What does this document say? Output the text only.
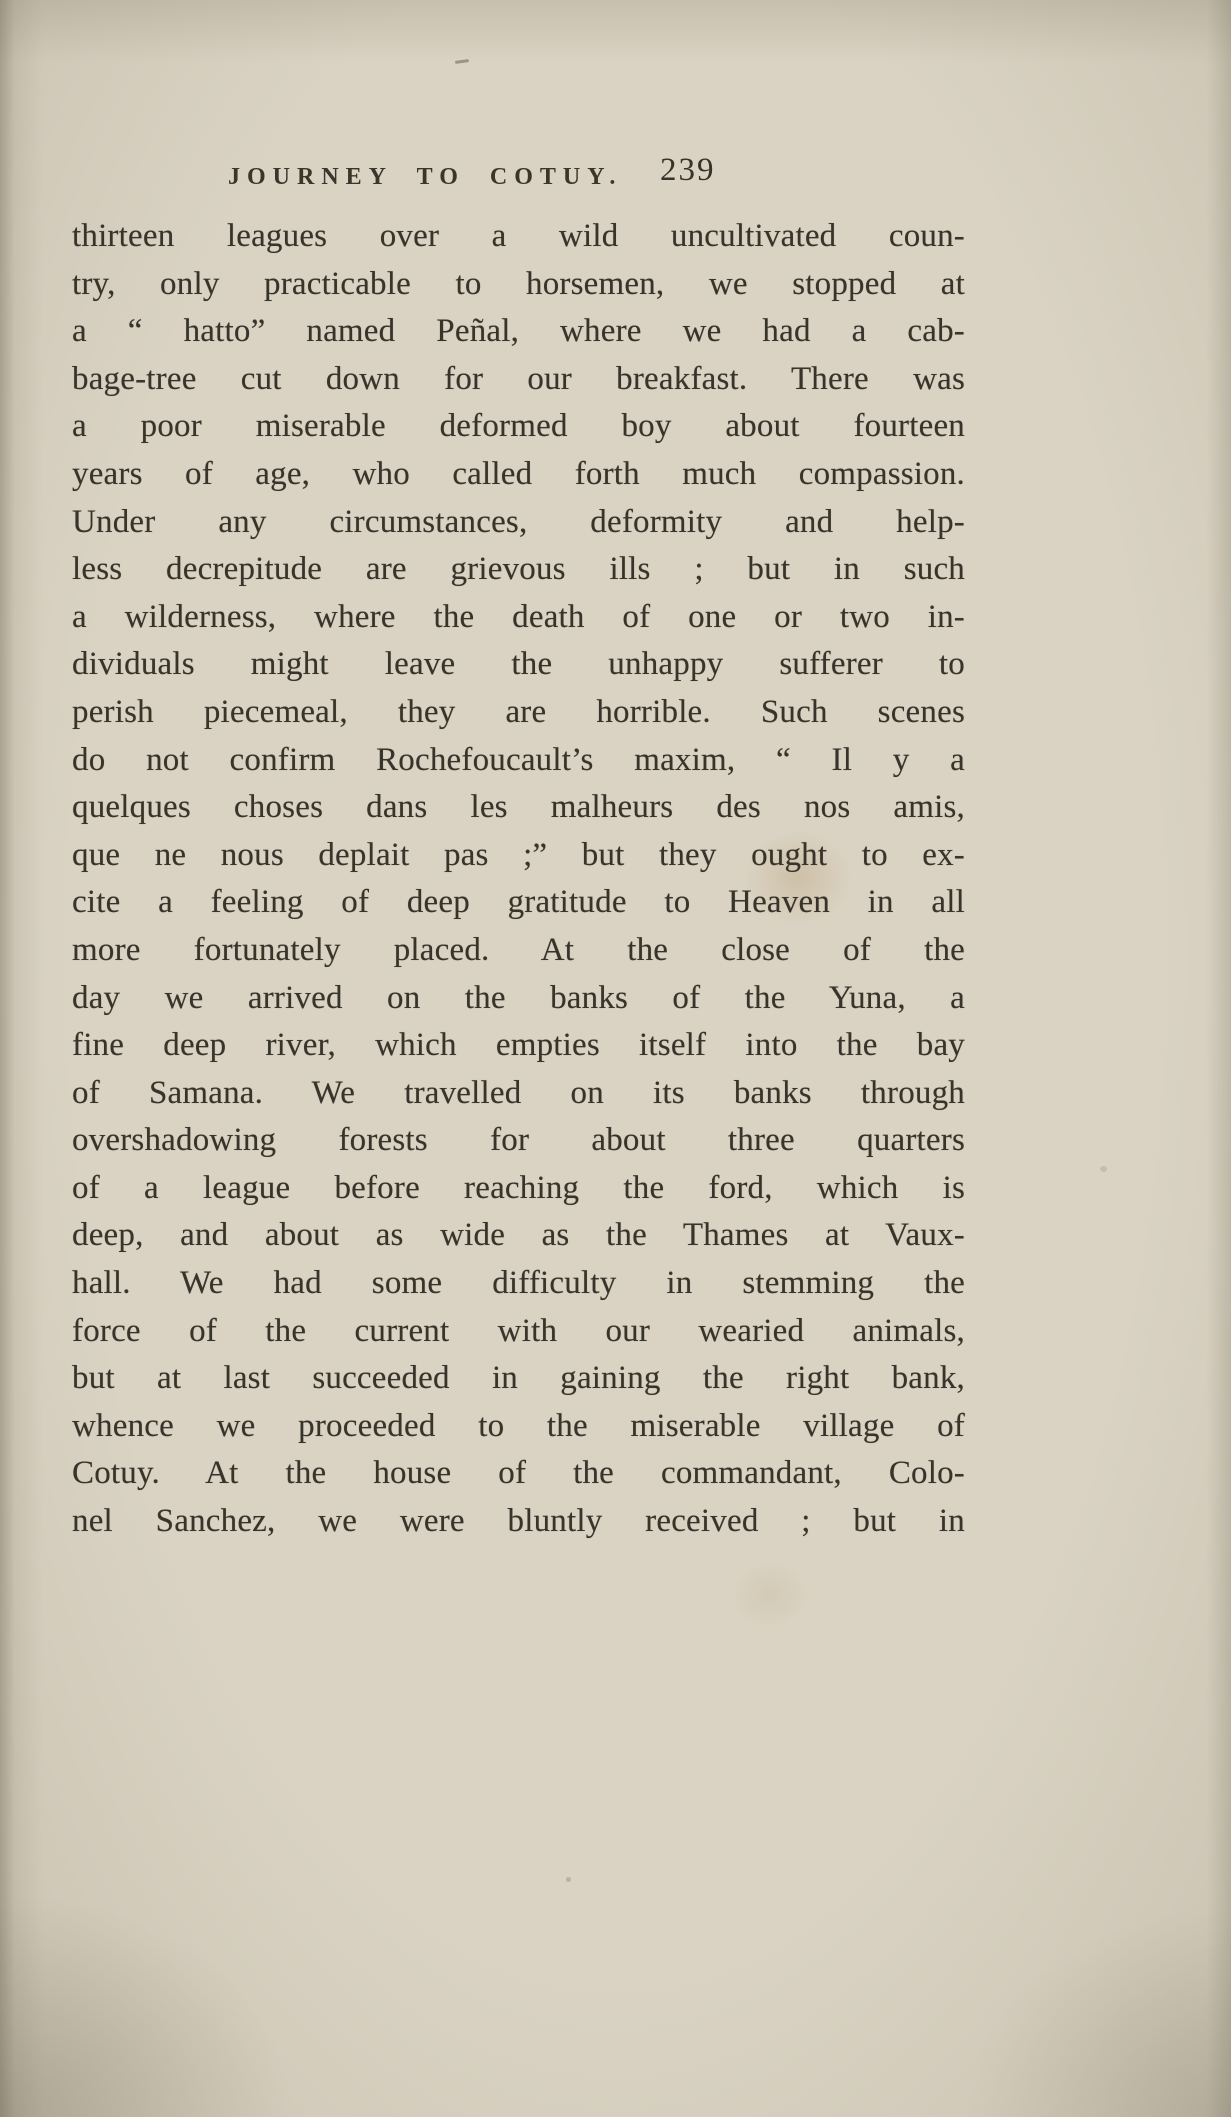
JOURNEY TO COTUY. 239
thirteen leagues over a wild uncultivated coun-
try, only practicable to horsemen, we stopped at
a “ hatto” named Peñal, where we had a cab-
bage-tree cut down for our breakfast. There was
a poor miserable deformed boy about fourteen
years of age, who called forth much compassion.
Under any circumstances, deformity and help-
less decrepitude are grievous ills ; but in such
a wilderness, where the death of one or two in-
dividuals might leave the unhappy sufferer to
perish piecemeal, they are horrible. Such scenes
do not confirm Rochefoucault’s maxim, “ Il y a
quelques choses dans les malheurs des nos amis,
que ne nous deplait pas ;” but they ought to ex-
cite a feeling of deep gratitude to Heaven in all
more fortunately placed. At the close of the
day we arrived on the banks of the Yuna, a
fine deep river, which empties itself into the bay
of Samana. We travelled on its banks through
overshadowing forests for about three quarters
of a league before reaching the ford, which is
deep, and about as wide as the Thames at Vaux-
hall. We had some difficulty in stemming the
force of the current with our wearied animals,
but at last succeeded in gaining the right bank,
whence we proceeded to the miserable village of
Cotuy. At the house of the commandant, Colo-
nel Sanchez, we were bluntly received ; but in
